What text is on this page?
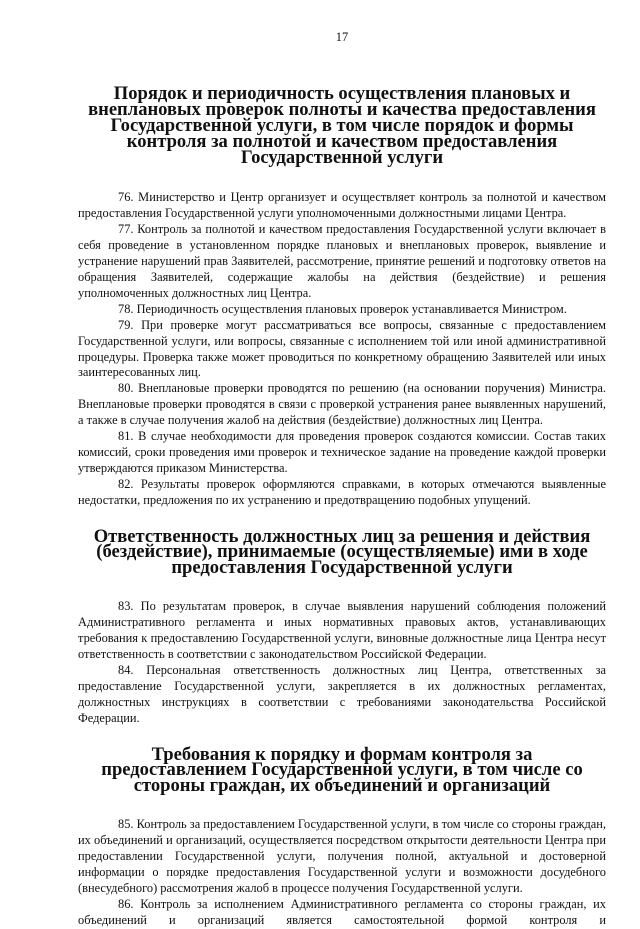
17
Порядок и периодичность осуществления плановых и внеплановых проверок полноты и качества предоставления Государственной услуги, в том числе порядок и формы контроля за полнотой и качеством предоставления Государственной услуги

76. Министерство и Центр организует и осуществляет контроль за полнотой и качеством предоставления Государственной услуги уполномоченными должностными лицами Центра.

77. Контроль за полнотой и качеством предоставления Государственной услуги включает в себя проведение в установленном порядке плановых и внеплановых проверок, выявление и устранение нарушений прав Заявителей, рассмотрение, принятие решений и подготовку ответов на обращения Заявителей, содержащие жалобы на действия (бездействие) и решения уполномоченных должностных лиц Центра.

78. Периодичность осуществления плановых проверок устанавливается Министром.

79. При проверке могут рассматриваться все вопросы, связанные с предоставлением Государственной услуги, или вопросы, связанные с исполнением той или иной административной процедуры. Проверка также может проводиться по конкретному обращению Заявителей или иных заинтересованных лиц.

80. Внеплановые проверки проводятся по решению (на основании поручения) Министра. Внеплановые проверки проводятся в связи с проверкой устранения ранее выявленных нарушений, а также в случае получения жалоб на действия (бездействие) должностных лиц Центра.

81. В случае необходимости для проведения проверок создаются комиссии. Состав таких комиссий, сроки проведения ими проверок и техническое задание на проведение каждой проверки утверждаются приказом Министерства.

82. Результаты проверок оформляются справками, в которых отмечаются выявленные недостатки, предложения по их устранению и предотвращению подобных упущений.

Ответственность должностных лиц за решения и действия (бездействие), принимаемые (осуществляемые) ими в ходе предоставления Государственной услуги

83. По результатам проверок, в случае выявления нарушений соблюдения положений Административного регламента и иных нормативных правовых актов, устанавливающих требования к предоставлению Государственной услуги, виновные должностные лица Центра несут ответственность в соответствии с законодательством Российской Федерации.

84. Персональная ответственность должностных лиц Центра, ответственных за предоставление Государственной услуги, закрепляется в их должностных регламентах, должностных инструкциях в соответствии с требованиями законодательства Российской Федерации.

Требования к порядку и формам контроля за предоставлением Государственной услуги, в том числе со стороны граждан, их объединений и организаций

85. Контроль за предоставлением Государственной услуги, в том числе со стороны граждан, их объединений и организаций, осуществляется посредством открытости деятельности Центра при предоставлении Государственной услуги, получения полной, актуальной и достоверной информации о порядке предоставления Государственной услуги и возможности досудебного (внесудебного) рассмотрения жалоб в процессе получения Государственной услуги.

86. Контроль за исполнением Административного регламента со стороны граждан, их объединений и организаций является самостоятельной формой контроля и
